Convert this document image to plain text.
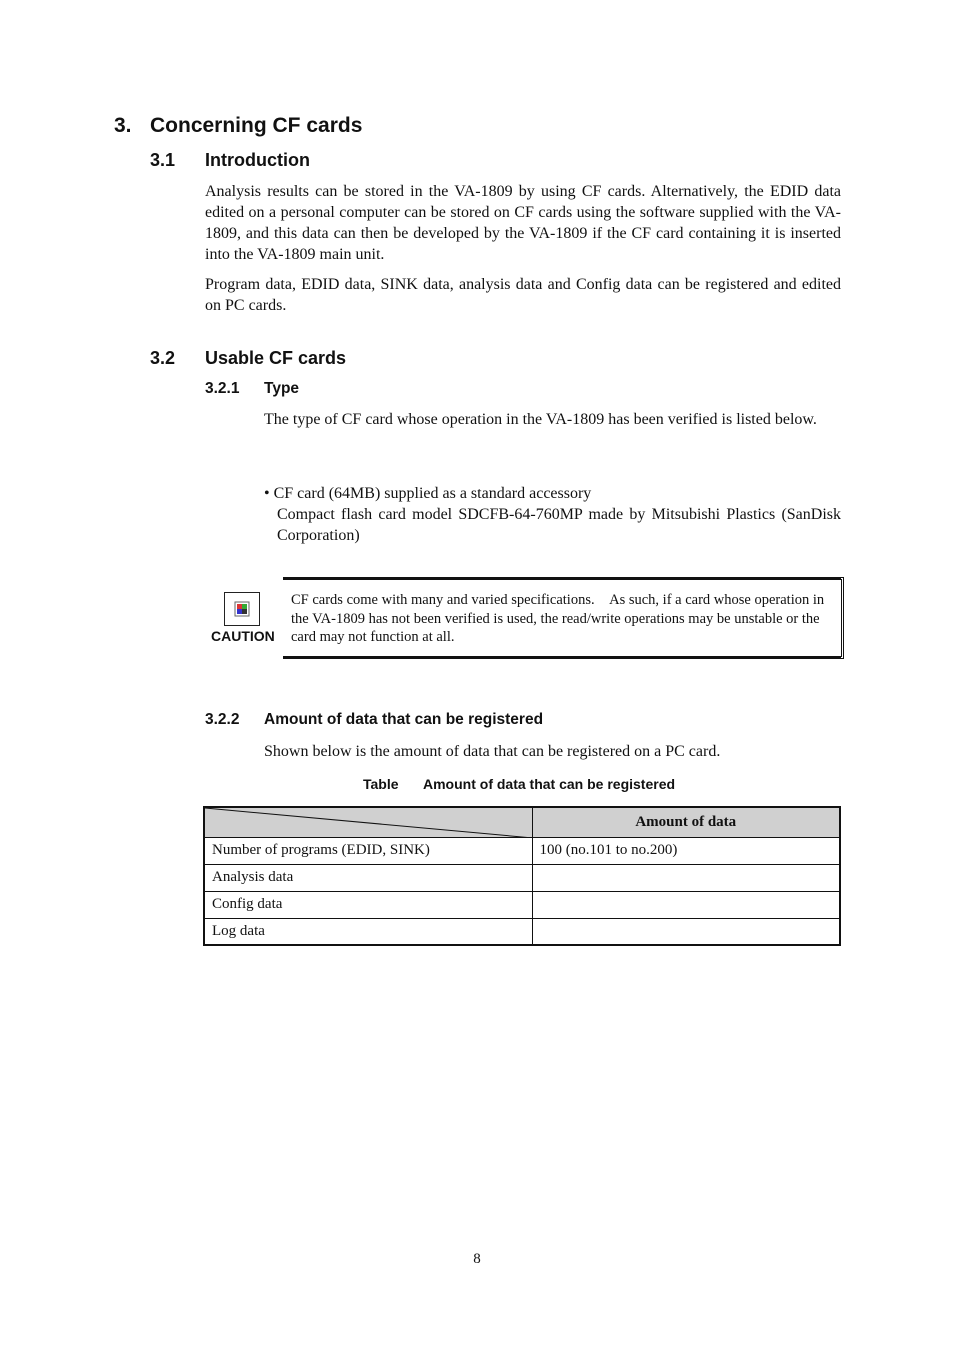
3. Concerning CF cards
3.1 Introduction

Analysis results can be stored in the VA-1809 by using CF cards. Alternatively, the EDID data edited on a personal computer can be stored on CF cards using the software supplied with the VA-1809, and this data can then be developed by the VA-1809 if the CF card containing it is inserted into the VA-1809 main unit.

Program data, EDID data, SINK data, analysis data and Config data can be registered and edited on PC cards.

3.2 Usable CF cards
3.2.1 Type

The type of CF card whose operation in the VA-1809 has been verified is listed below.

• CF card (64MB) supplied as a standard accessory

Compact flash card model SDCFB-64-760MP made by Mitsubishi Plastics (SanDisk Corporation)

CAUTION
CF cards come with many and varied specifications.　As such, if a card whose operation in the VA-1809 has not been verified is used, the read/write operations may be unstable or the card may not function at all.
3.2.2 Amount of data that can be registered

Shown below is the amount of data that can be registered on a PC card.

Table Amount of data that can be registered
	Amount of data
Number of programs (EDID, SINK)	100 (no.101 to no.200)
Analysis data	
Config data	
Log data	
8
